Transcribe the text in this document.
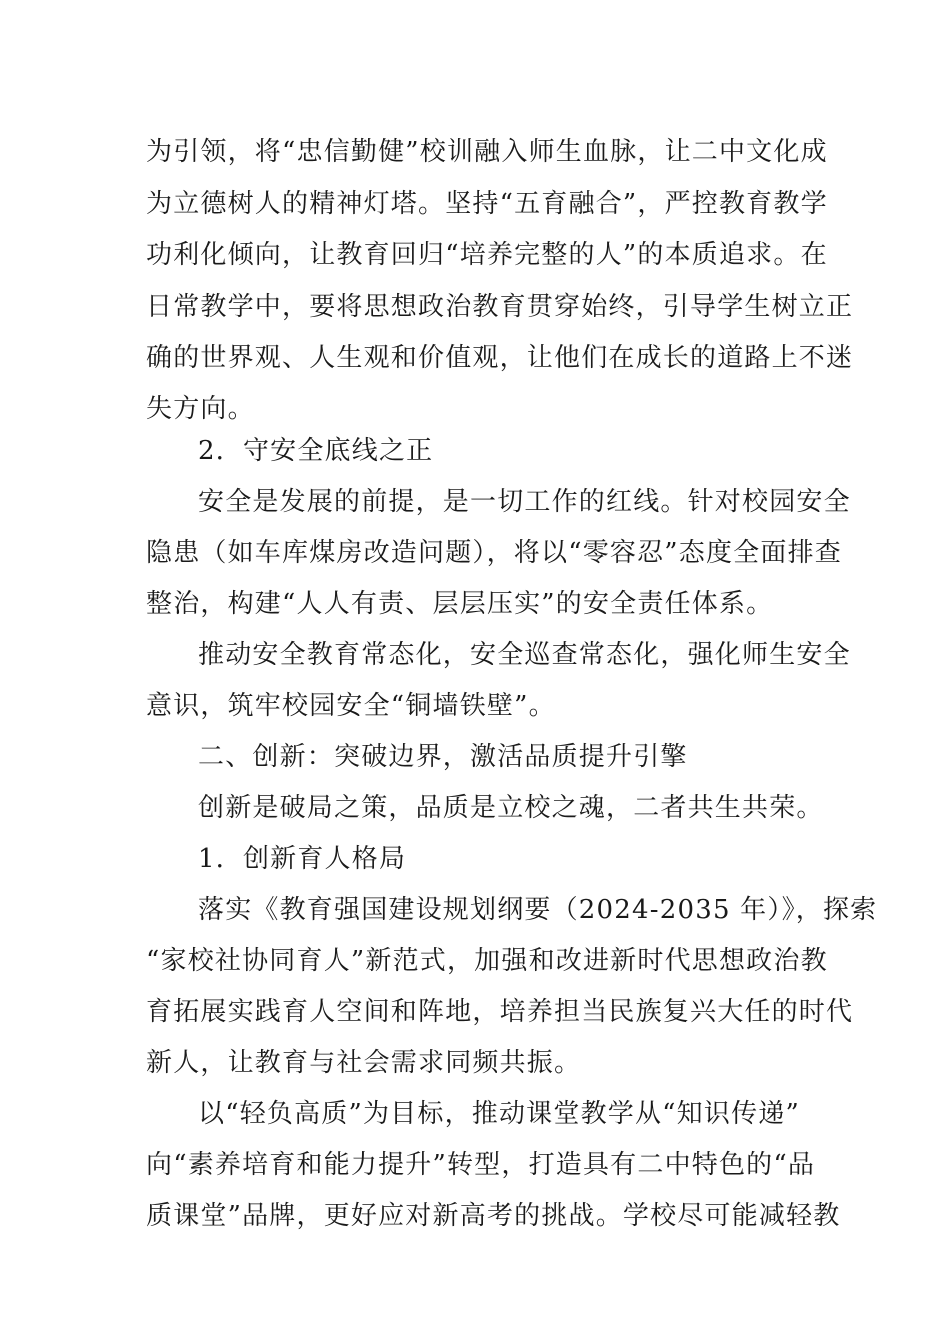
为引领，将“忠信勤健”校训融入师生血脉，让二中文化成
为立德树人的精神灯塔。坚持“五育融合”，严控教育教学
功利化倾向，让教育回归“培养完整的人”的本质追求。在
日常教学中，要将思想政治教育贯穿始终，引导学生树立正
确的世界观、人生观和价值观，让他们在成长的道路上不迷
失方向。
2．守安全底线之正
安全是发展的前提，是一切工作的红线。针对校园安全
隐患（如车库煤房改造问题），将以“零容忍”态度全面排查
整治，构建“人人有责、层层压实”的安全责任体系。
推动安全教育常态化，安全巡查常态化，强化师生安全
意识，筑牢校园安全“铜墙铁壁”。
二、创新：突破边界，激活品质提升引擎
创新是破局之策，品质是立校之魂，二者共生共荣。
1．创新育人格局
落实《教育强国建设规划纲要（2024-2035 年）》，探索
“家校社协同育人”新范式，加强和改进新时代思想政治教
育拓展实践育人空间和阵地，培养担当民族复兴大任的时代
新人，让教育与社会需求同频共振。
以“轻负高质”为目标，推动课堂教学从“知识传递”
向“素养培育和能力提升”转型，打造具有二中特色的“品
质课堂”品牌，更好应对新高考的挑战。学校尽可能减轻教
